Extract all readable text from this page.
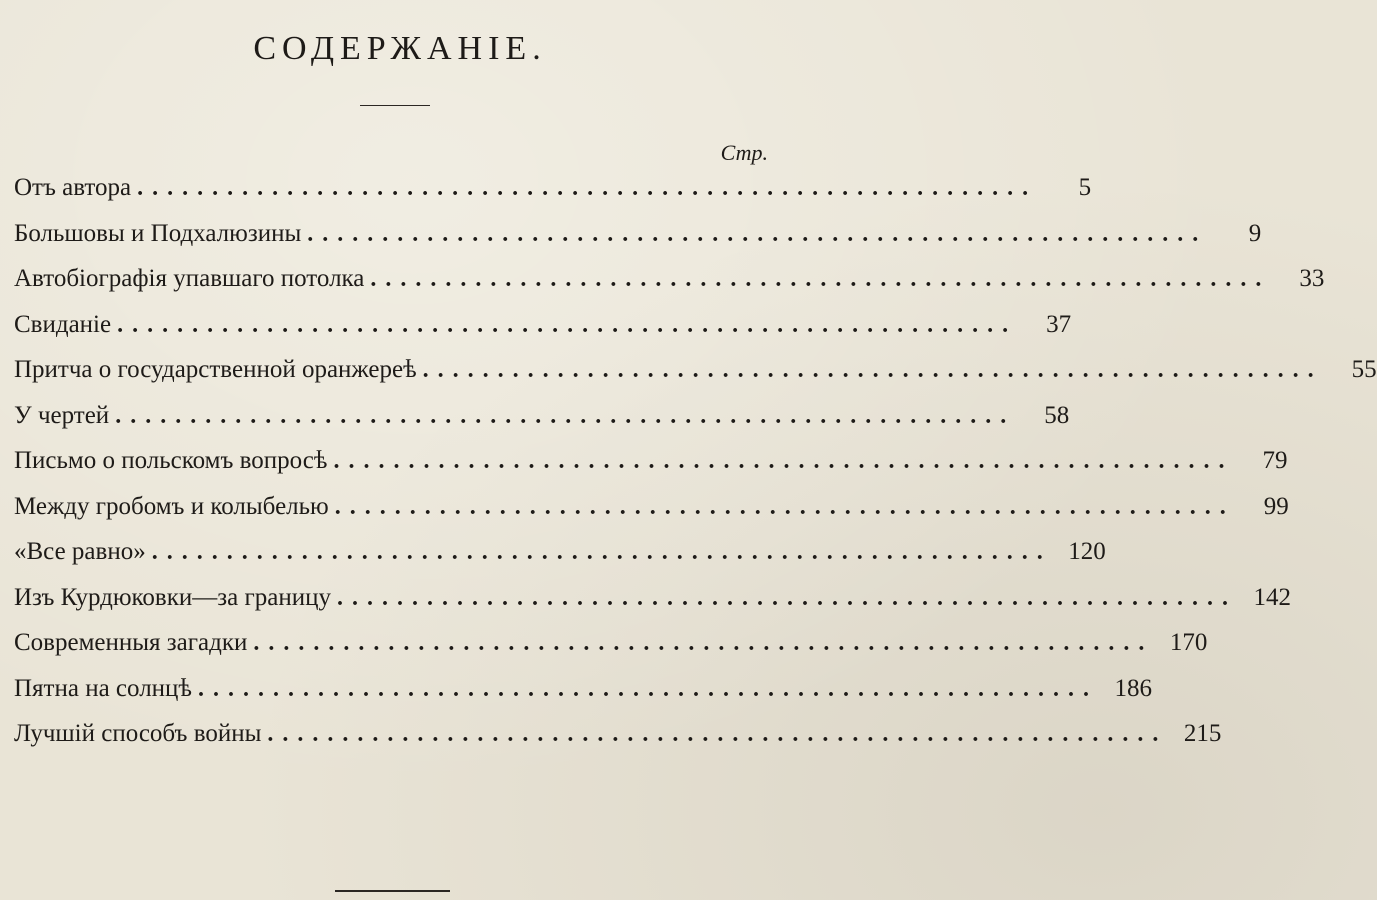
СОДЕРЖАНІЕ.
Стр.
Отъ автора ............................................................	5
Большовы и Подхалюзины ............................................................	9
Автобіографія упавшаго потолка ............................................................	33
Свиданіе ............................................................	37
Притча о государственной оранжереѣ ............................................................	55
У чертей ............................................................	58
Письмо о польскомъ вопросѣ ............................................................	79
Между гробомъ и колыбелью ............................................................	99
«Все равно» ............................................................ 120
Изъ Курдюковки—за границу ............................................................ 142
Современныя загадки ............................................................ 170
Пятна на солнцѣ ............................................................ 186
Лучшій способъ войны ............................................................ 215
